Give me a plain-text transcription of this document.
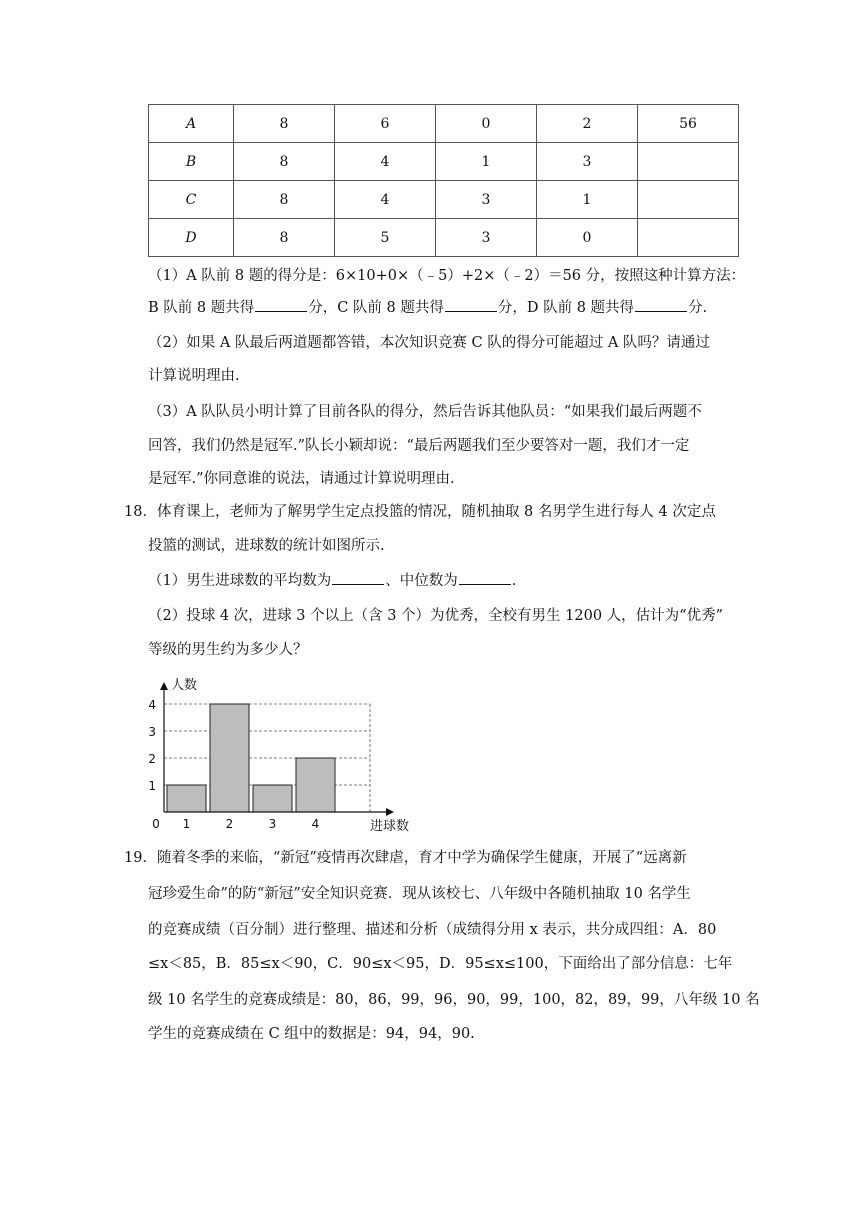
A	8	6	0	2	56
B	8	4	1	3	
C	8	4	3	1	
D	8	5	3	0	
（1）A 队前 8 题的得分是：6×10+0×（﹣5）+2×（﹣2）＝56 分，按照这种计算方法：
B 队前 8 题共得	分，C 队前 8 题共得	分，D 队前 8 题共得	分.
（2）如果 A 队最后两道题都答错，本次知识竞赛 C 队的得分可能超过 A 队吗？请通过
计算说明理由.
（3）A 队队员小明计算了目前各队的得分，然后告诉其他队员：“如果我们最后两题不
回答，我们仍然是冠军.”队长小颖却说：“最后两题我们至少要答对一题，我们才一定
是冠军.”你同意谁的说法，请通过计算说明理由.
18．体育课上，老师为了解男学生定点投篮的情况，随机抽取 8 名男学生进行每人 4 次定点
投篮的测试，进球数的统计如图所示.
（1）男生进球数的平均数为	、中位数为	.
（2）投球 4 次，进球 3 个以上（含 3 个）为优秀，全校有男生 1200 人，估计为“优秀”
等级的男生约为多少人？
1
2
3
4
1	2	3	4
0
人数
进球数
19．随着冬季的来临，“新冠”疫情再次肆虐，育才中学为确保学生健康，开展了“远离新
冠珍爱生命”的防“新冠”安全知识竞赛．现从该校七、八年级中各随机抽取 10 名学生
的竞赛成绩（百分制）进行整理、描述和分析（成绩得分用 x 表示，共分成四组：A．80
≤x＜85，B．85≤x＜90，C．90≤x＜95，D．95≤x≤100，下面给出了部分信息：七年
级 10 名学生的竞赛成绩是：80，86，99，96，90，99，100，82，89，99，八年级 10 名
学生的竞赛成绩在 C 组中的数据是：94，94，90.
